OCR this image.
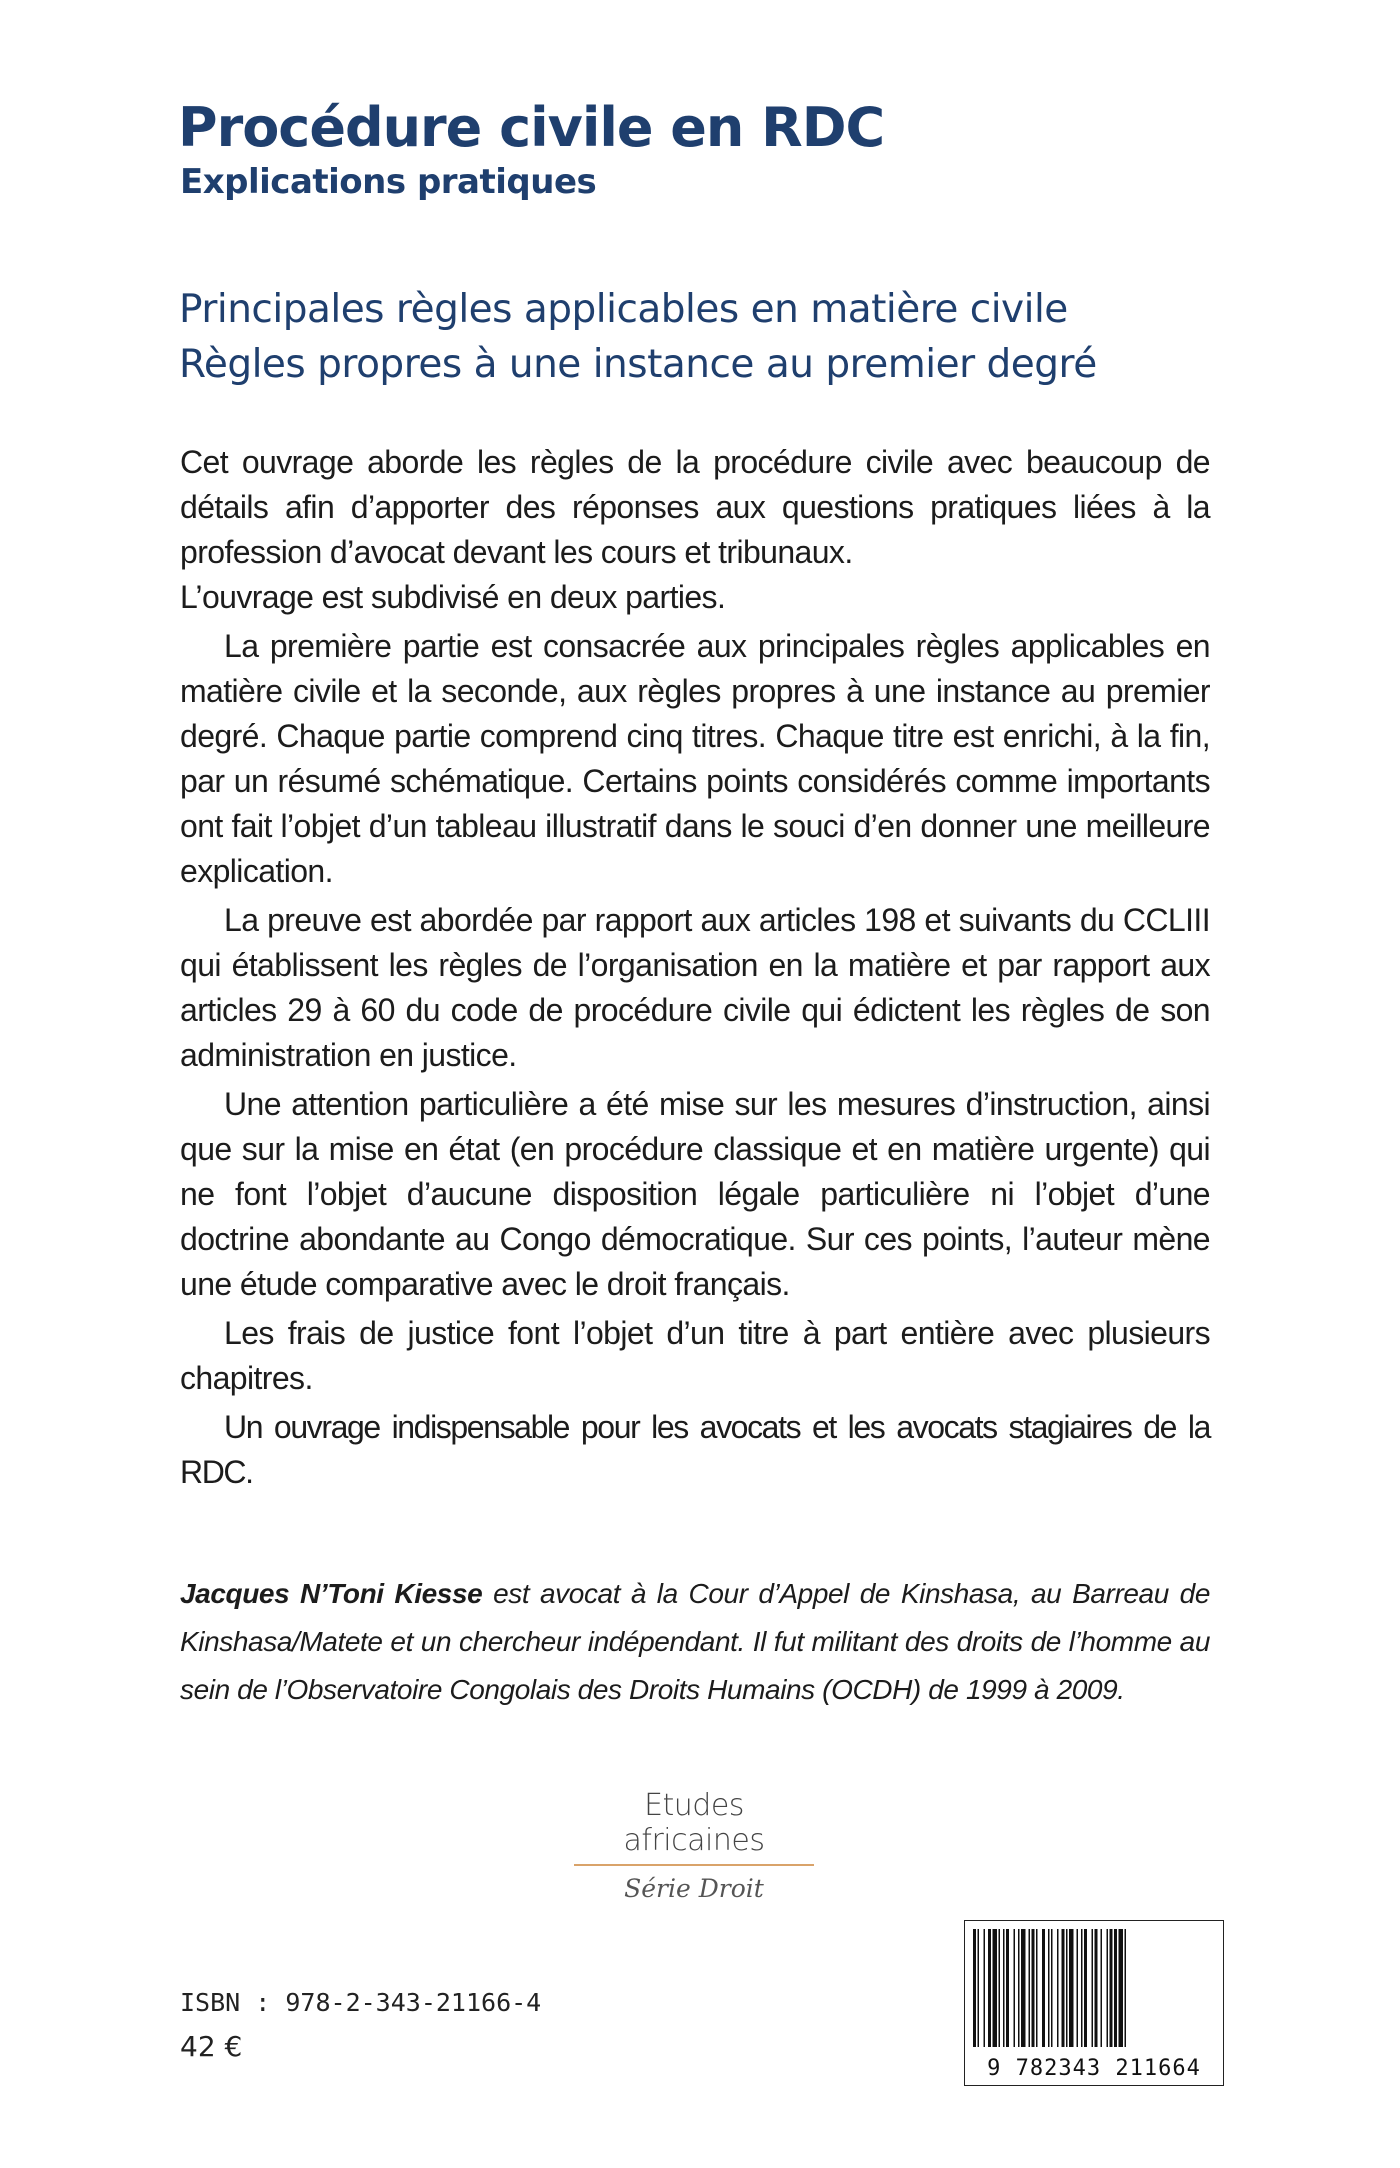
Procédure civile en RDC
Explications pratiques
Principales règles applicables en matière civile
Règles propres à une instance au premier degré

Cet ouvrage aborde les règles de la procédure civile avec beaucoup de détails afin d’apporter des réponses aux questions pratiques liées à la profession d’avocat devant les cours et tribunaux.

L’ouvrage est subdivisé en deux parties.

La première partie est consacrée aux principales règles applicables en matière civile et la seconde, aux règles propres à une instance au premier degré. Chaque partie comprend cinq titres. Chaque titre est enrichi, à la fin, par un résumé schématique. Certains points considérés comme importants ont fait l’objet d’un tableau illustratif dans le souci d’en donner une meilleure explication.

La preuve est abordée par rapport aux articles 198 et suivants du CCLIII qui établissent les règles de l’organisation en la matière et par rapport aux articles 29 à 60 du code de procédure civile qui édictent les règles de son administration en justice.

Une attention particulière a été mise sur les mesures d’instruction, ainsi que sur la mise en état (en procédure classique et en matière urgente) qui ne font l’objet d’aucune disposition légale particulière ni l’objet d’une doctrine abondante au Congo démocratique. Sur ces points, l’auteur mène une étude comparative avec le droit français.

Les frais de justice font l’objet d’un titre à part entière avec plusieurs chapitres.

Un ouvrage indispensable pour les avocats et les avocats stagiaires de la RDC.

Jacques N’Toni Kiesse est avocat à la Cour d’Appel de Kinshasa, au Barreau de Kinshasa/Matete et un chercheur indépendant. Il fut militant des droits de l’homme au sein de l’Observatoire Congolais des Droits Humains (OCDH) de 1999 à 2009.
Etudes africaines
Série Droit
ISBN : 978-2-343-21166-4
42 €
9 782343 211664
